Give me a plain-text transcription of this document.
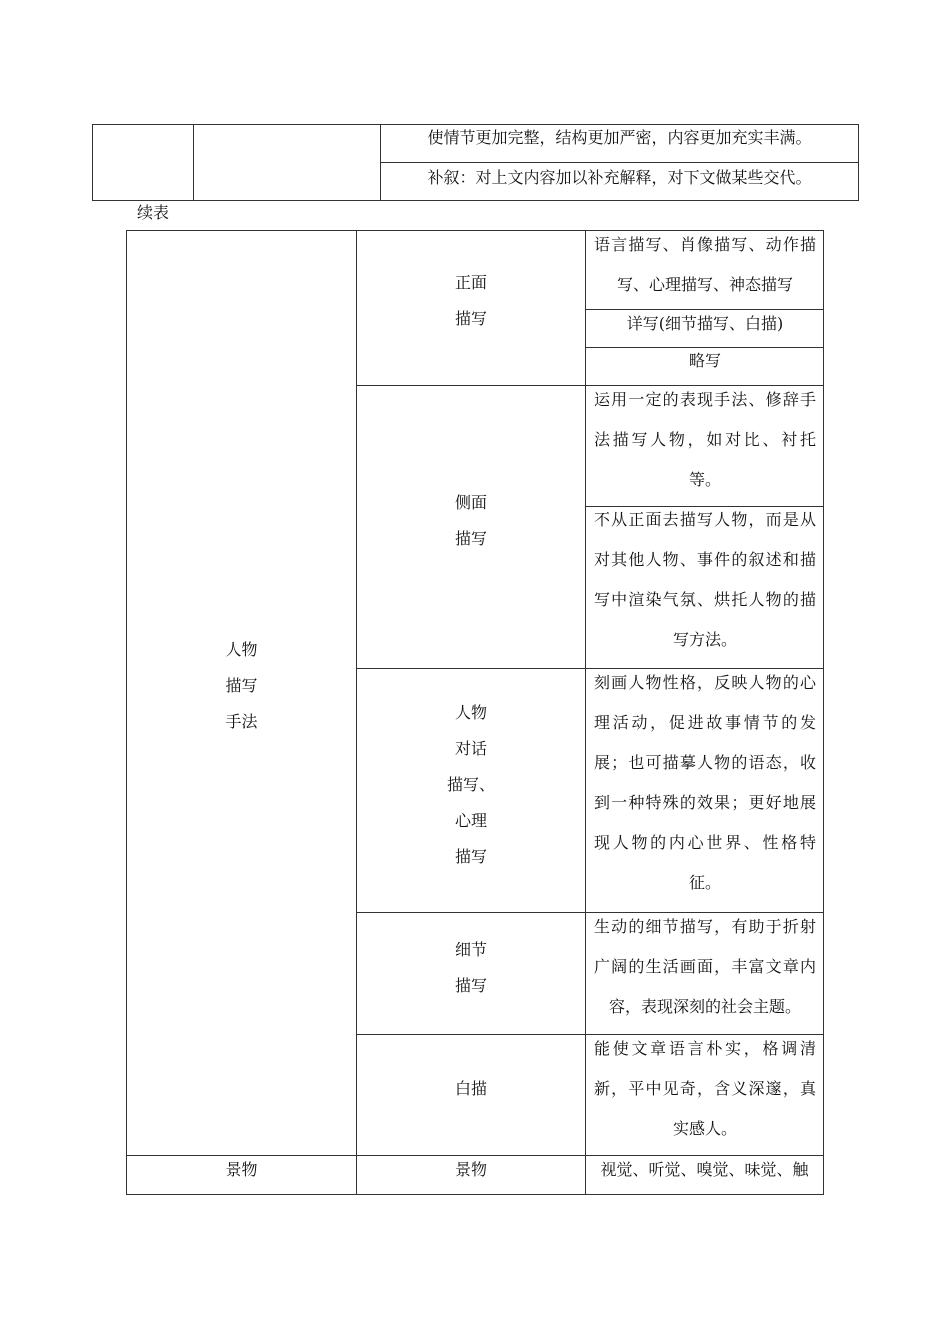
使情节更加完整，结构更加严密，内容更加充实丰满。
补叙：对上文内容加以补充解释，对下文做某些交代。
续表
人物
描写
手法
正面
描写
语言描写、肖像描写、动作描写、心理描写、神态描写
详写(细节描写、白描)
略写
侧面
描写
运用一定的表现手法、修辞手法描写人物，如对比、衬托等。
不从正面去描写人物，而是从对其他人物、事件的叙述和描写中渲染气氛、烘托人物的描写方法。
人物
对话
描写、
心理
描写
刻画人物性格，反映人物的心理活动，促进故事情节的发展；也可描摹人物的语态，收到一种特殊的效果；更好地展现人物的内心世界、性格特征。
细节
描写
生动的细节描写，有助于折射广阔的生活画面，丰富文章内容，表现深刻的社会主题。
白描
能使文章语言朴实，格调清新，平中见奇，含义深邃，真实感人。
景物	景物	视觉、听觉、嗅觉、味觉、触
